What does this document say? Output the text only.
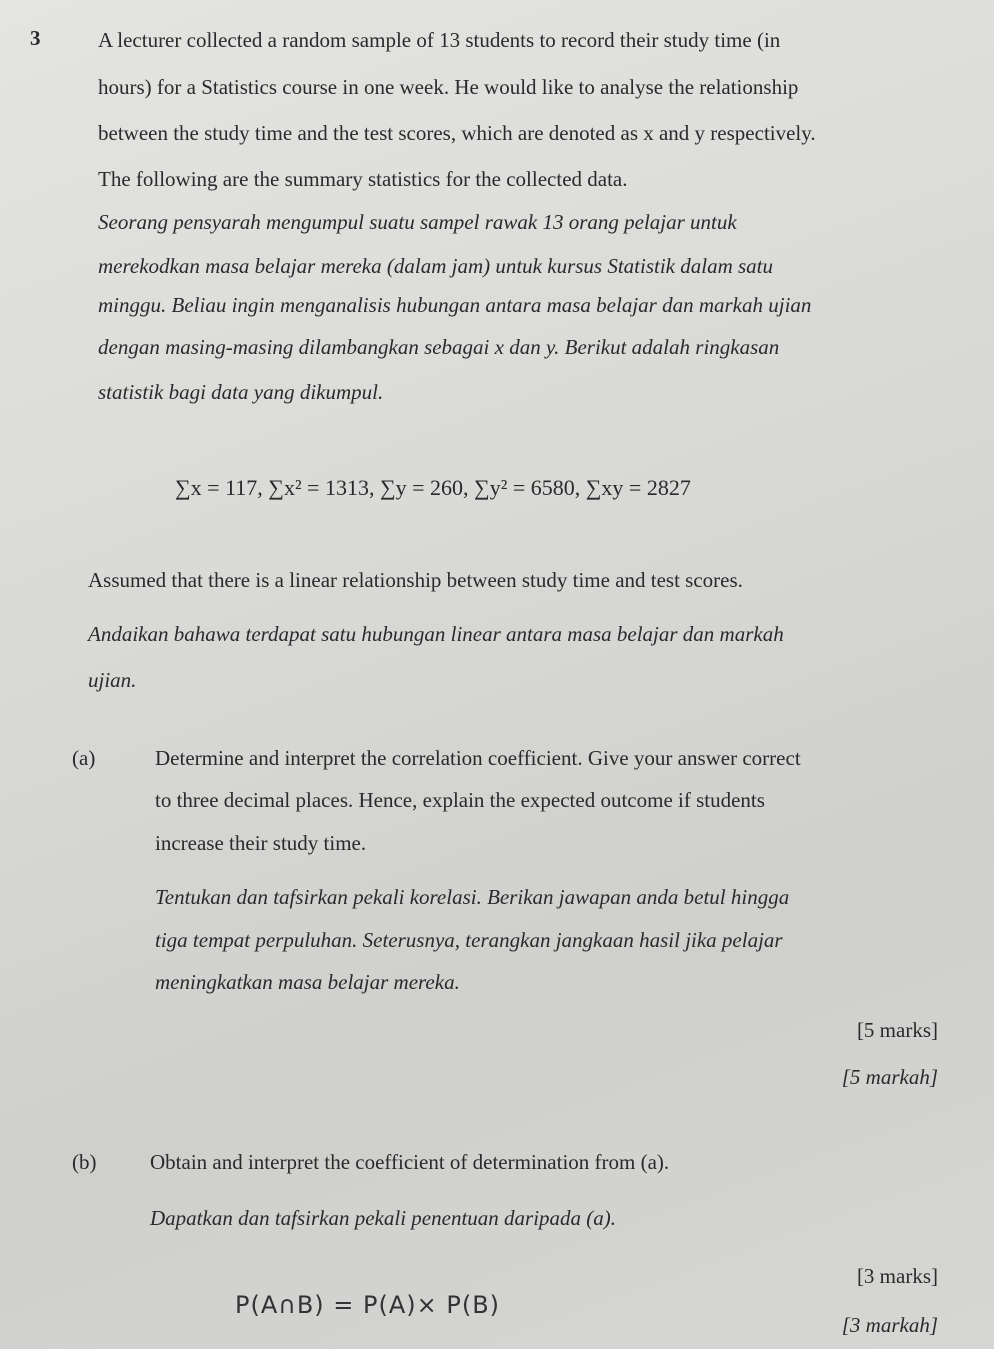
3	A lecturer collected a random sample of 13 students to record their study time (in
hours) for a Statistics course in one week. He would like to analyse the relationship
between the study time and the test scores, which are denoted as x and y respectively.
The following are the summary statistics for the collected data.
Seorang pensyarah mengumpul suatu sampel rawak 13 orang pelajar untuk
merekodkan masa belajar mereka (dalam jam) untuk kursus Statistik dalam satu
minggu. Beliau ingin menganalisis hubungan antara masa belajar dan markah ujian
dengan masing-masing dilambangkan sebagai x dan y. Berikut adalah ringkasan
statistik bagi data yang dikumpul.
∑x = 117, ∑x² = 1313, ∑y = 260, ∑y² = 6580, ∑xy = 2827
Assumed that there is a linear relationship between study time and test scores.
Andaikan bahawa terdapat satu hubungan linear antara masa belajar dan markah
ujian.
(a)	Determine and interpret the correlation coefficient. Give your answer correct
to three decimal places. Hence, explain the expected outcome if students
increase their study time.
Tentukan dan tafsirkan pekali korelasi. Berikan jawapan anda betul hingga
tiga tempat perpuluhan. Seterusnya, terangkan jangkaan hasil jika pelajar
meningkatkan masa belajar mereka.
[5 marks]
[5 markah]
(b)	Obtain and interpret the coefficient of determination from (a).
Dapatkan dan tafsirkan pekali penentuan daripada (a).
[3 marks]
P(A∩B) = P(A)× P(B)
[3 markah]
